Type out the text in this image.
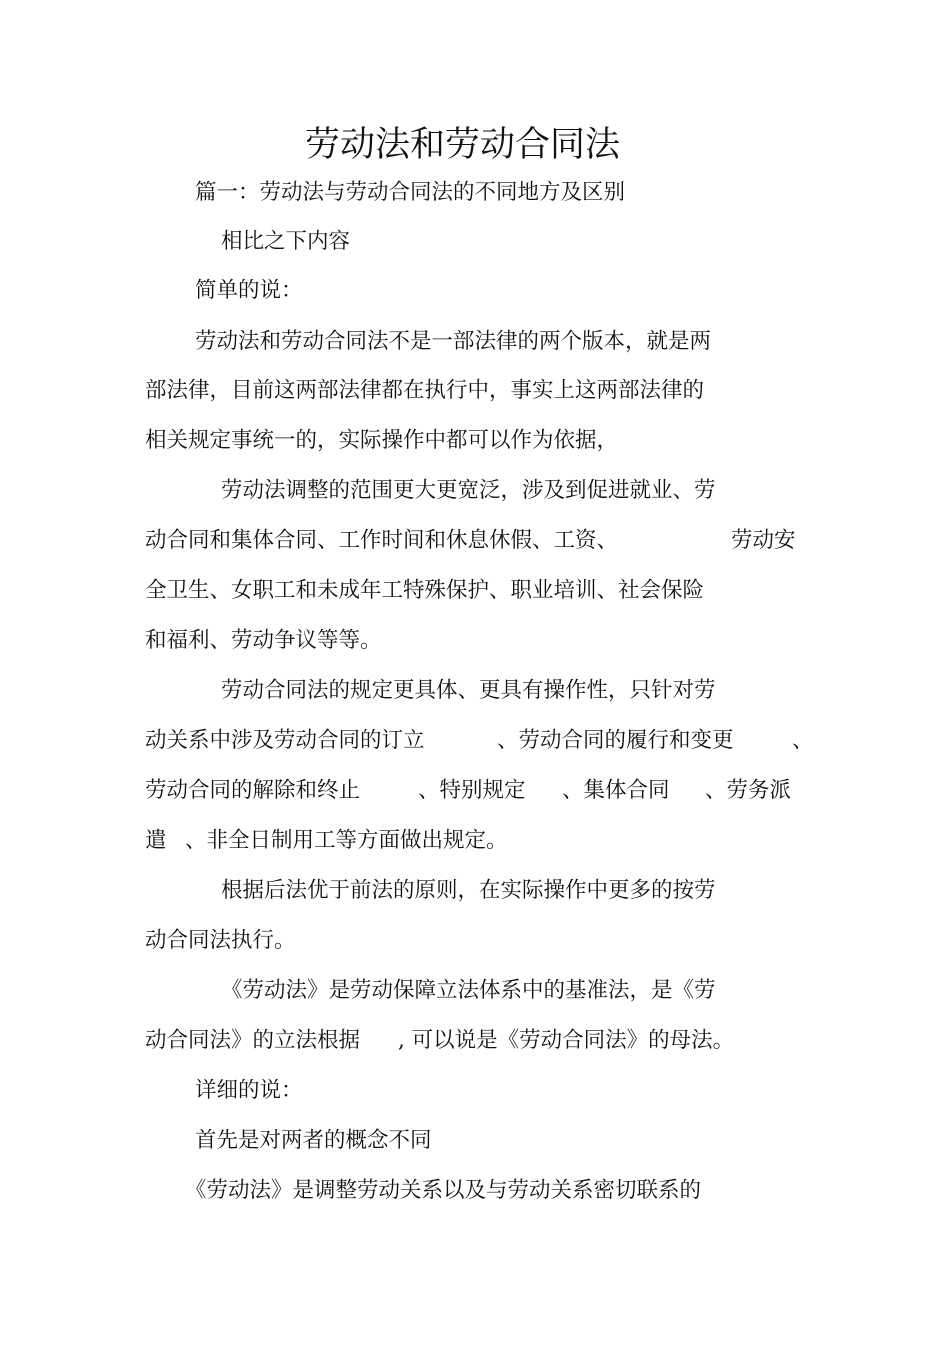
劳动法和劳动合同法
篇一：劳动法与劳动合同法的不同地方及区别
相比之下内容
简单的说：
劳动法和劳动合同法不是一部法律的两个版本，就是两
部法律，目前这两部法律都在执行中，事实上这两部法律的
相关规定事统一的，实际操作中都可以作为依据，
劳动法调整的范围更大更宽泛，涉及到促进就业、劳
动合同和集体合同、工作时间和休息休假、工资、	劳动安
全卫生、女职工和未成年工特殊保护、职业培训、社会保险
和福利、劳动争议等等。
劳动合同法的规定更具体、更具有操作性，只针对劳
动关系中涉及劳动合同的订立	、劳动合同的履行和变更	、
劳动合同的解除和终止	、特别规定 、集体合同 、劳务派
遣 、非全日制用工等方面做出规定。
根据后法优于前法的原则，在实际操作中更多的按劳
动合同法执行。
《劳动法》是劳动保障立法体系中的基准法，是《劳
动合同法》的立法根据 , 可以说是《劳动合同法》的母法。
详细的说：
首先是对两者的概念不同
《劳动法》是调整劳动关系以及与劳动关系密切联系的
